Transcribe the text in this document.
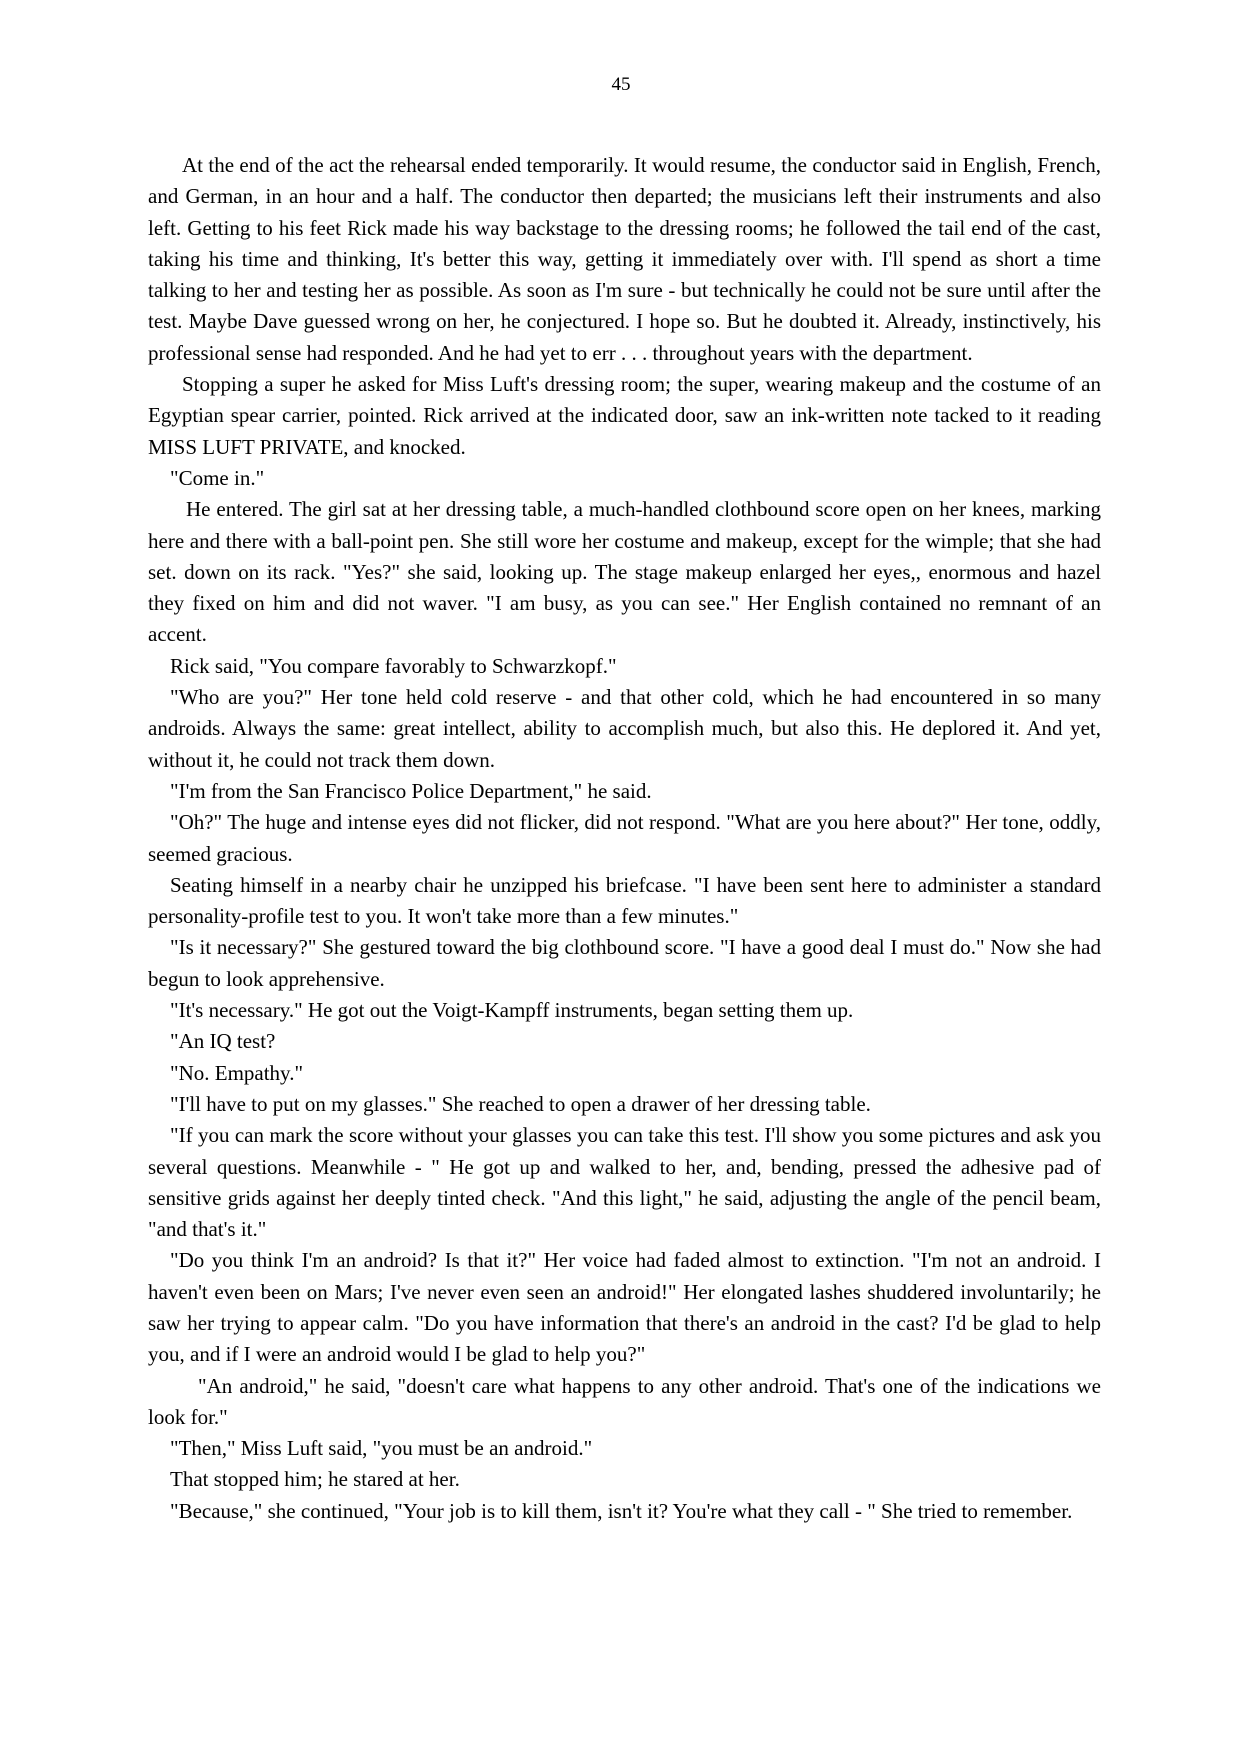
45

At the end of the act the rehearsal ended temporarily. It would resume, the conductor said in English, French, and German, in an hour and a half. The conductor then departed; the musicians left their instruments and also left. Getting to his feet Rick made his way backstage to the dressing rooms; he followed the tail end of the cast, taking his time and thinking, It's better this way, getting it immediately over with. I'll spend as short a time talking to her and testing her as possible. As soon as I'm sure - but technically he could not be sure until after the test. Maybe Dave guessed wrong on her, he conjectured. I hope so. But he doubted it. Already, instinctively, his professional sense had responded. And he had yet to err . . . throughout years with the department.

Stopping a super he asked for Miss Luft's dressing room; the super, wearing makeup and the costume of an Egyptian spear carrier, pointed. Rick arrived at the indicated door, saw an ink-written note tacked to it reading MISS LUFT PRIVATE, and knocked.

"Come in."

He entered. The girl sat at her dressing table, a much-handled clothbound score open on her knees, marking here and there with a ball-point pen. She still wore her costume and makeup, except for the wimple; that she had set. down on its rack. "Yes?" she said, looking up. The stage makeup enlarged her eyes,, enormous and hazel they fixed on him and did not waver. "I am busy, as you can see." Her English contained no remnant of an accent.

Rick said, "You compare favorably to Schwarzkopf."

"Who are you?" Her tone held cold reserve - and that other cold, which he had encountered in so many androids. Always the same: great intellect, ability to accomplish much, but also this. He deplored it. And yet, without it, he could not track them down.

"I'm from the San Francisco Police Department," he said.

"Oh?" The huge and intense eyes did not flicker, did not respond. "What are you here about?" Her tone, oddly, seemed gracious.

Seating himself in a nearby chair he unzipped his briefcase. "I have been sent here to administer a standard personality-profile test to you. It won't take more than a few minutes."

"Is it necessary?" She gestured toward the big clothbound score. "I have a good deal I must do." Now she had begun to look apprehensive.

"It's necessary." He got out the Voigt-Kampff instruments, began setting them up.

"An IQ test?

"No. Empathy."

"I'll have to put on my glasses." She reached to open a drawer of her dressing table.

"If you can mark the score without your glasses you can take this test. I'll show you some pictures and ask you several questions. Meanwhile - " He got up and walked to her, and, bending, pressed the adhesive pad of sensitive grids against her deeply tinted check. "And this light," he said, adjusting the angle of the pencil beam, "and that's it."

"Do you think I'm an android? Is that it?" Her voice had faded almost to extinction. "I'm not an android. I haven't even been on Mars; I've never even seen an android!" Her elongated lashes shuddered involuntarily; he saw her trying to appear calm. "Do you have information that there's an android in the cast? I'd be glad to help you, and if I were an android would I be glad to help you?"

"An android," he said, "doesn't care what happens to any other android. That's one of the indications we look for."

"Then," Miss Luft said, "you must be an android."

That stopped him; he stared at her.

"Because," she continued, "Your job is to kill them, isn't it? You're what they call - " She tried to remember.
